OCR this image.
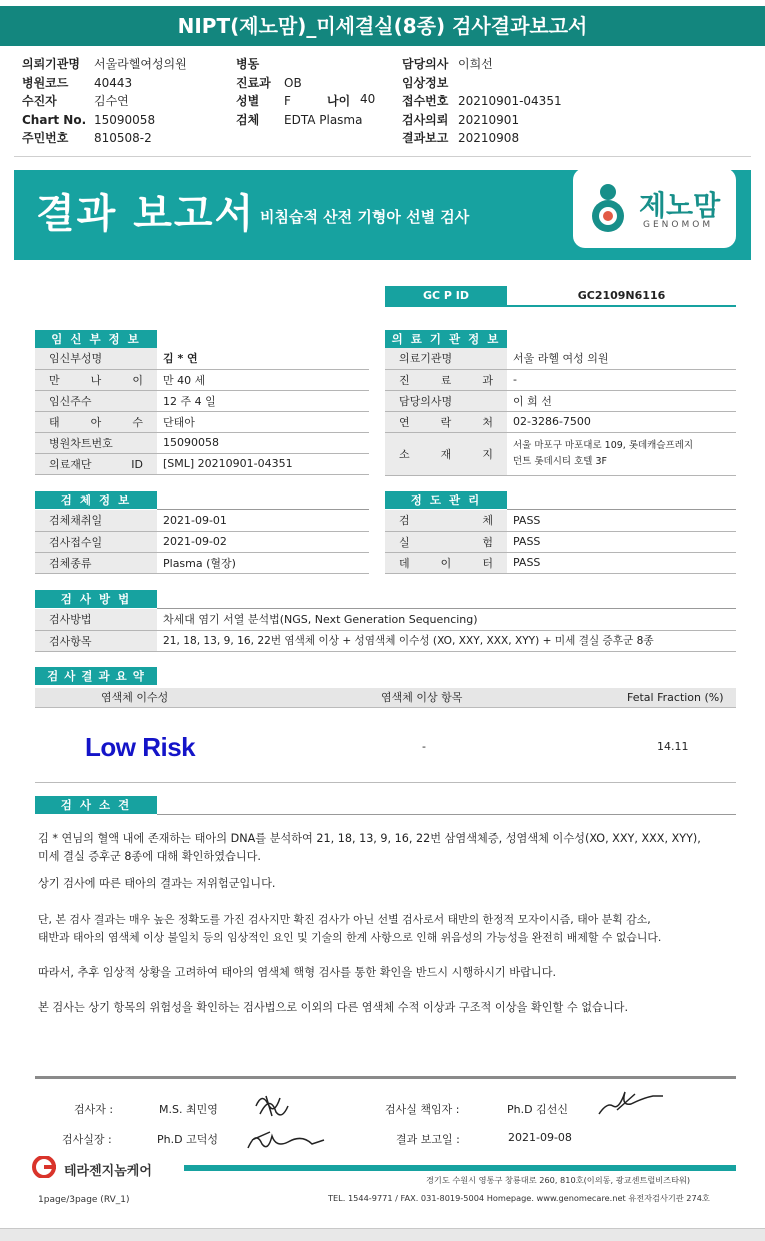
NIPT(제노맘)_미세결실(8종) 검사결과보고서
의뢰기관명 서울라헬여성의원
병원코드 40443
수진자	김수연
Chart No. 15090058
주민번호 810508-2
병동
진료과 OB
성별 F
검체 EDTA Plasma
나이 40
담당의사 이희선
임상정보
접수번호 20210901-04351
검사의뢰 20210901
결과보고 20210908
결과 보고서 비침습적 산전 기형아 선별 검사	제노맘
GENOMOM
GC P ID	GC2109N6116
임 신 부 정 보
임신부성명	김 * 연
만 나 이	만 40 세
임신주수	12 주 4 일
태 아 수	단태아
병원차트번호	15090058
의료재단 ID	[SML] 20210901-04351
의 료 기 관 정 보
의료기관명	서울 라헬 여성 의원
진 료 과	-
담당의사명	이 희 선
연 락 처	02-3286-7500
소 재 지	서울 마포구 마포대로 109, 롯데캐슬프레지
던트 롯데시티 호텔 3F
검 체 정 보
검체채취일	2021-09-01
검사접수일	2021-09-02
검체종류	Plasma (혈장)
정 도 관 리
검 체	PASS
실 험	PASS
데 이 터	PASS
검 사 방 법
검사방법	차세대 염기 서열 분석법(NGS, Next Generation Sequencing)
검사항목	21, 18, 13, 9, 16, 22번 염색체 이상 + 성염색체 이수성 (XO, XXY, XXX, XYY) + 미세 결실 증후군 8종
검 사 결 과 요 약
염색체 이수성	염색체 이상 항목	Fetal Fraction (%)
Low Risk	-	14.11
검 사 소 견

김 * 연님의 혈액 내에 존재하는 태아의 DNA를 분석하여 21, 18, 13, 9, 16, 22번 삼염색체증, 성염색체 이수성(XO, XXY, XXX, XYY),

미세 결실 증후군 8종에 대해 확인하였습니다.

상기 검사에 따른 태아의 결과는 저위험군입니다.

단, 본 검사 결과는 매우 높은 정확도를 가진 검사지만 확진 검사가 아닌 선별 검사로서 태반의 한정적 모자이시즘, 태아 분획 감소,

태반과 태아의 염색체 이상 불일치 등의 임상적인 요인 및 기술의 한계 사항으로 인해 위음성의 가능성을 완전히 배제할 수 없습니다.

따라서, 추후 임상적 상황을 고려하여 태아의 염색체 핵형 검사를 통한 확인을 반드시 시행하시기 바랍니다.

본 검사는 상기 항목의 위험성을 확인하는 검사법으로 이외의 다른 염색체 수적 이상과 구조적 이상을 확인할 수 없습니다.

검사자 :	M.S. 최민영	검사실 책임자 :	Ph.D 김선신
검사실장 :	Ph.D 고덕성	결과 보고일 :	2021-09-08
테라젠지놈케어
경기도 수원시 영통구 창룡대로 260, 810호(이의동, 광교센트럴비즈타워)
TEL. 1544-9771 / FAX. 031-8019-5004 Homepage. www.genomecare.net 유전자검사기관 274호
1page/3page (RV_1)
